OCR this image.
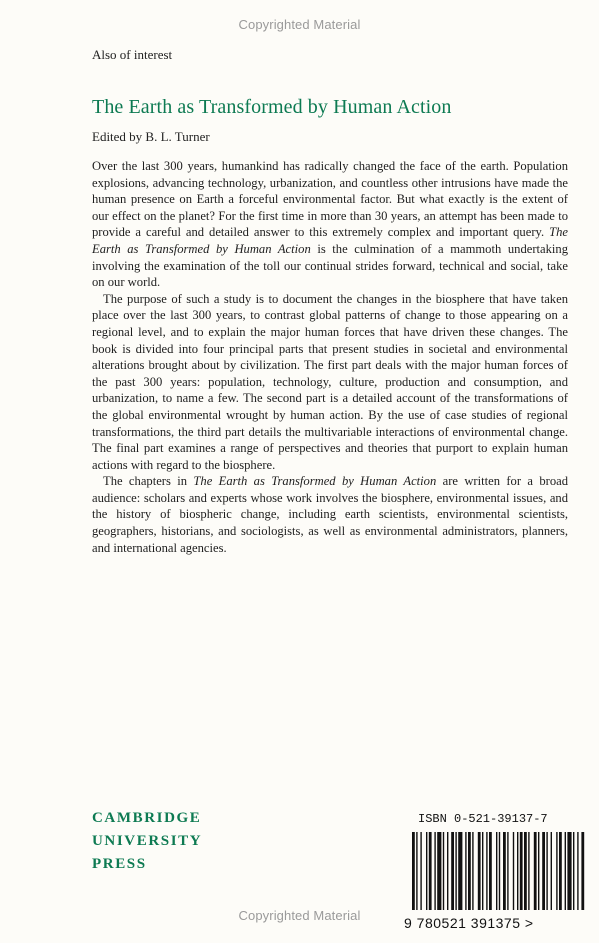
Copyrighted Material
Also of interest
The Earth as Transformed by Human Action
Edited by B. L. Turner

Over the last 300 years, humankind has radically changed the face of the earth. Population explosions, advancing technology, urbanization, and countless other intrusions have made the human presence on Earth a forceful environmental factor. But what exactly is the extent of our effect on the planet? For the first time in more than 30 years, an attempt has been made to provide a careful and detailed answer to this extremely complex and important query. The Earth as Transformed by Human Action is the culmination of a mammoth undertaking involving the examination of the toll our continual strides forward, technical and social, take on our world.

The purpose of such a study is to document the changes in the biosphere that have taken place over the last 300 years, to contrast global patterns of change to those appearing on a regional level, and to explain the major human forces that have driven these changes. The book is divided into four principal parts that present studies in societal and environmental alterations brought about by civilization. The first part deals with the major human forces of the past 300 years: population, technology, culture, production and consumption, and urbanization, to name a few. The second part is a detailed account of the transformations of the global environmental wrought by human action. By the use of case studies of regional transformations, the third part details the multivariable interactions of environmental change. The final part examines a range of perspectives and theories that purport to explain human actions with regard to the biosphere.

The chapters in The Earth as Transformed by Human Action are written for a broad audience: scholars and experts whose work involves the biosphere, environmental issues, and the history of biospheric change, including earth scientists, environmental scientists, geographers, historians, and sociologists, as well as environmental administrators, planners, and international agencies.

CAMBRIDGE
UNIVERSITY
PRESS
ISBN 0-521-39137-7
9 780521 391375 >
Copyrighted Material
